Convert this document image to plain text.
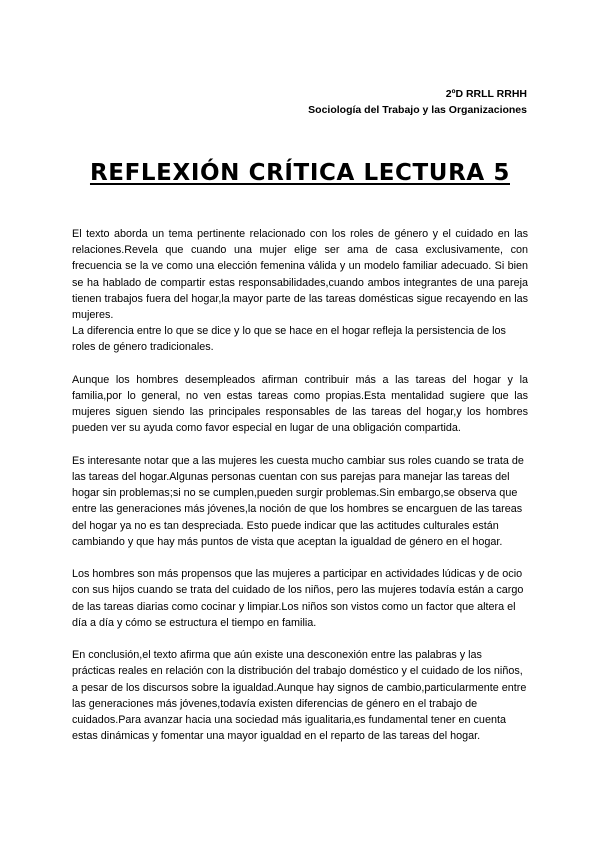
2ºD RRLL RRHH
Sociología del Trabajo y las Organizaciones
REFLEXIÓN CRÍTICA LECTURA 5

El texto aborda un tema pertinente relacionado con los roles de género y el cuidado en las relaciones.Revela que cuando una mujer elige ser ama de casa exclusivamente, con frecuencia se la ve como una elección femenina válida y un modelo familiar adecuado. Si bien se ha hablado de compartir estas responsabilidades,cuando ambos integrantes de una pareja tienen trabajos fuera del hogar,la mayor parte de las tareas domésticas sigue recayendo en las mujeres.

La diferencia entre lo que se dice y lo que se hace en el hogar refleja la persistencia de los roles de género tradicionales.

Aunque los hombres desempleados afirman contribuir más a las tareas del hogar y la familia,por lo general, no ven estas tareas como propias.Esta mentalidad sugiere que las mujeres siguen siendo las principales responsables de las tareas del hogar,y los hombres pueden ver su ayuda como favor especial en lugar de una obligación compartida.

Es interesante notar que a las mujeres les cuesta mucho cambiar sus roles cuando se trata de las tareas del hogar.Algunas personas cuentan con sus parejas para manejar las tareas del hogar sin problemas;si no se cumplen,pueden surgir problemas.Sin embargo,se observa que entre las generaciones más jóvenes,la noción de que los hombres se encarguen de las tareas del hogar ya no es tan despreciada. Esto puede indicar que las actitudes culturales están cambiando y que hay más puntos de vista que aceptan la igualdad de género en el hogar.

Los hombres son más propensos que las mujeres a participar en actividades lúdicas y de ocio con sus hijos cuando se trata del cuidado de los niños, pero las mujeres todavía están a cargo de las tareas diarias como cocinar y limpiar.Los niños son vistos como un factor que altera el día a día y cómo se estructura el tiempo en familia.

En conclusión,el texto afirma que aún existe una desconexión entre las palabras y las prácticas reales en relación con la distribución del trabajo doméstico y el cuidado de los niños, a pesar de los discursos sobre la igualdad.Aunque hay signos de cambio,particularmente entre las generaciones más jóvenes,todavía existen diferencias de género en el trabajo de cuidados.Para avanzar hacia una sociedad más igualitaria,es fundamental tener en cuenta estas dinámicas y fomentar una mayor igualdad en el reparto de las tareas del hogar.
